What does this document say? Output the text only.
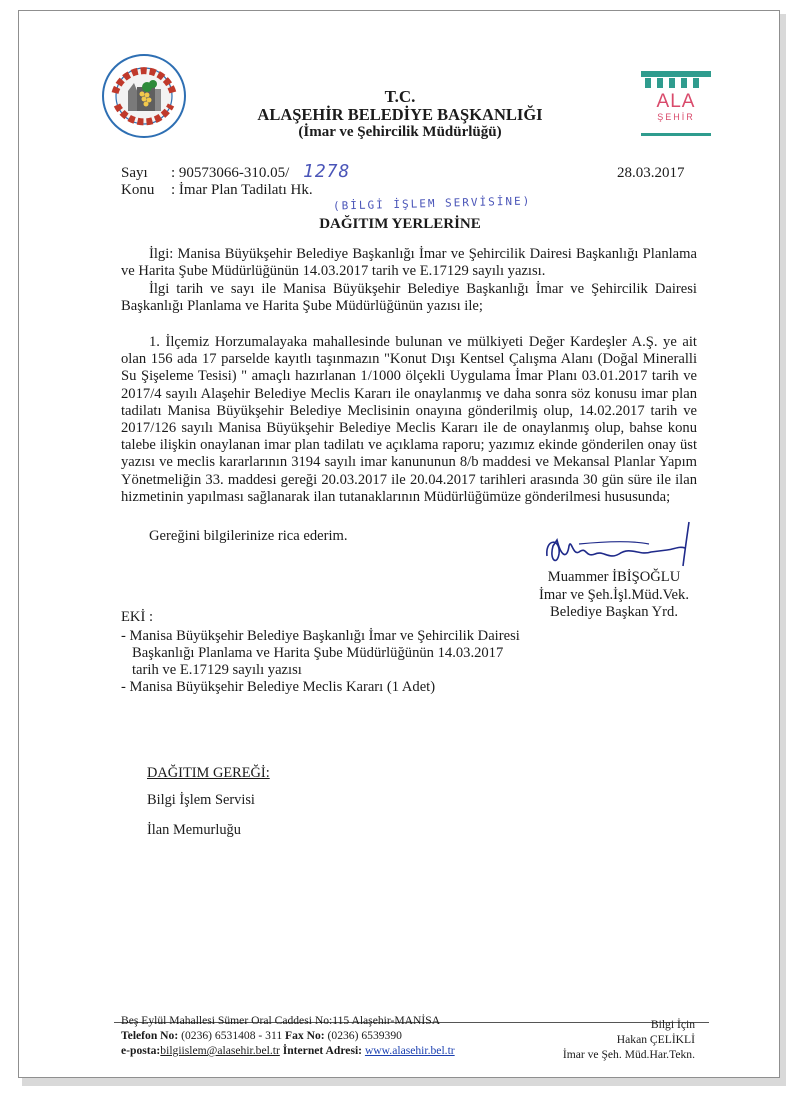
ALA
ŞEHİR
T.C.
ALAŞEHİR BELEDİYE BAŞKANLIĞI
(İmar ve Şehircilik Müdürlüğü)
Sayı : 90573066-310.05/ 1278	28.03.2017
Konu : İmar Plan Tadilatı Hk.
(BİLGİ İŞLEM SERVİSİNE)
DAĞITIM YERLERİNE
İlgi: Manisa Büyükşehir Belediye Başkanlığı İmar ve Şehircilik Dairesi Başkanlığı Planlama ve Harita Şube Müdürlüğünün 14.03.2017 tarih ve E.17129 sayılı yazısı.
İlgi tarih ve sayı ile Manisa Büyükşehir Belediye Başkanlığı İmar ve Şehircilik Dairesi Başkanlığı Planlama ve Harita Şube Müdürlüğünün yazısı ile;
1. İlçemiz Horzumalayaka mahallesinde bulunan ve mülkiyeti Değer Kardeşler A.Ş. ye ait olan 156 ada 17 parselde kayıtlı taşınmazın "Konut Dışı Kentsel Çalışma Alanı (Doğal Mineralli Su Şişeleme Tesisi) " amaçlı hazırlanan 1/1000 ölçekli Uygulama İmar Planı 03.01.2017 tarih ve 2017/4 sayılı Alaşehir Belediye Meclis Kararı ile onaylanmış ve daha sonra söz konusu imar plan tadilatı Manisa Büyükşehir Belediye Meclisinin onayına gönderilmiş olup, 14.02.2017 tarih ve 2017/126 sayılı Manisa Büyükşehir Belediye Meclis Kararı ile de onaylanmış olup, bahse konu talebe ilişkin onaylanan imar plan tadilatı ve açıklama raporu; yazımız ekinde gönderilen onay üst yazısı ve meclis kararlarının 3194 sayılı imar kanununun 8/b maddesi ve Mekansal Planlar Yapım Yönetmeliğin 33. maddesi gereği 20.03.2017 ile 20.04.2017 tarihleri arasında 30 gün süre ile ilan hizmetinin yapılması sağlanarak ilan tutanaklarının Müdürlüğümüze gönderilmesi hususunda;
Gereğini bilgilerinize rica ederim.
Muammer İBİŞOĞLU
İmar ve Şeh.İşl.Müd.Vek.
Belediye Başkan Yrd.
EKİ :
- Manisa Büyükşehir Belediye Başkanlığı İmar ve Şehircilik Dairesi Başkanlığı Planlama ve Harita Şube Müdürlüğünün 14.03.2017 tarih ve E.17129 sayılı yazısı
- Manisa Büyükşehir Belediye Meclis Kararı (1 Adet)
DAĞITIM GEREĞİ:
Bilgi İşlem Servisi
İlan Memurluğu
Beş Eylül Mahallesi Sümer Oral Caddesi No:115 Alaşehir-MANİSA
Telefon No: (0236) 6531408 - 311 Fax No: (0236) 6539390
e-posta:bilgiislem@alasehir.bel.tr İnternet Adresi: www.alasehir.bel.tr
Bilgi İçin
Hakan ÇELİKLİ
İmar ve Şeh. Müd.Har.Tekn.
